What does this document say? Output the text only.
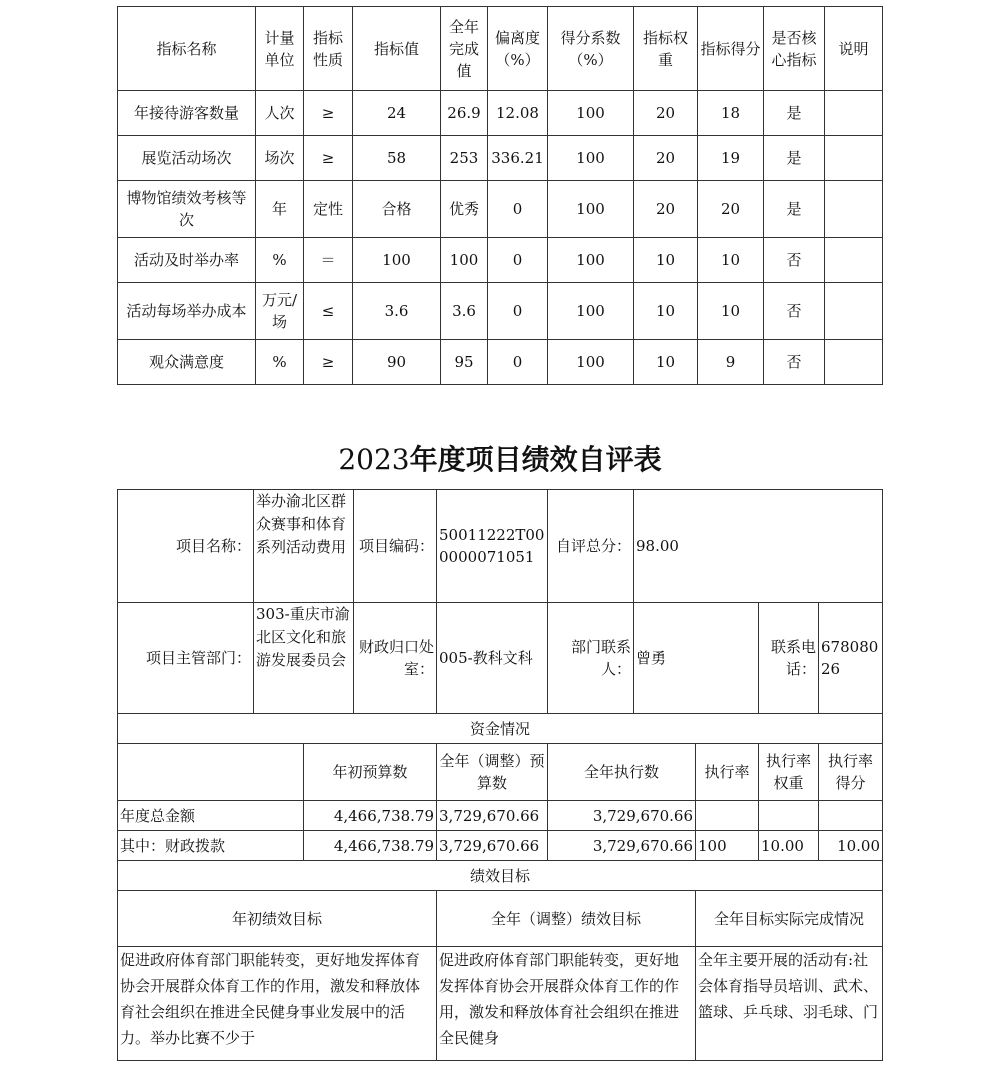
指标名称	计量单位	指标性质	指标值	全年完成值	偏离度（%）	得分系数（%）	指标权重	指标得分	是否核心指标	说明
年接待游客数量	人次	≥	24	26.9	12.08	100	20	18	是	
展览活动场次	场次	≥	58	253	336.21	100	20	19	是	
博物馆绩效考核等次	年	定性	合格	优秀	0	100	20	20	是	
活动及时举办率	%	＝	100	100	0	100	10	10	否	
活动每场举办成本	万元/场	≤	3.6	3.6	0	100	10	10	否	
观众满意度	%	≥	90	95	0	100	10	9	否	
2023年度项目绩效自评表
项目名称：	举办渝北区群众赛事和体育系列活动费用		项目编码：	50011222T000000071051	自评总分：	98.00			
项目主管部门：	303-重庆市渝北区文化和旅游发展委员会		财政归口处室：	005-教科文科	部门联系人：	曾勇		联系电话：	67808026
资金情况									
		年初预算数		全年（调整）预算数	全年执行数		执行率	执行率权重	执行率得分
年度总金额		4,466,738.79		3,729,670.66	3,729,670.66				
其中：财政拨款		4,466,738.79		3,729,670.66	3,729,670.66		100	10.00	10.00
绩效目标									
年初绩效目标				全年（调整）绩效目标			全年目标实际完成情况		
促进政府体育部门职能转变，更好地发挥体育协会开展群众体育工作的作用，激发和释放体育社会组织在推进全民健身事业发展中的活力。举办比赛不少于				促进政府体育部门职能转变，更好地发挥体育协会开展群众体育工作的作用，激发和释放体育社会组织在推进全民健身			全年主要开展的活动有:社会体育指导员培训、武术、篮球、乒乓球、羽毛球、门		
